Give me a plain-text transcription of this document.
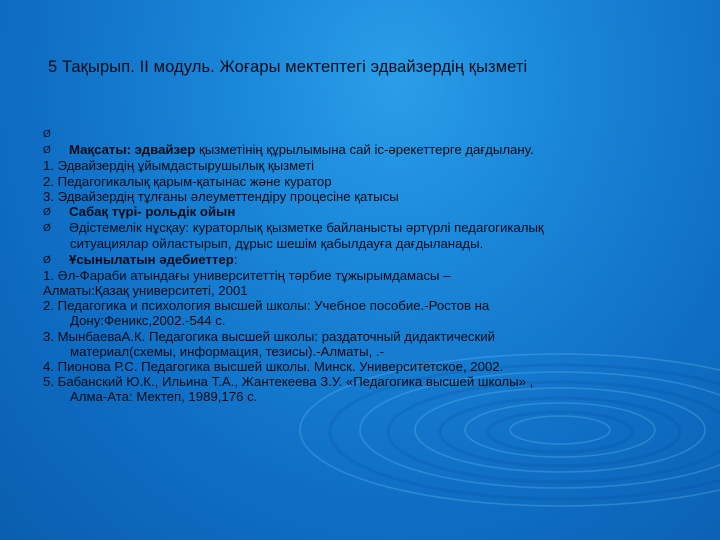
5 Тақырып. ІІ модуль. Жоғары мектептегі эдвайзердің қызметі
Ø
Ø Мақсаты: эдвайзер қызметінің құрылымына сай іс-әрекеттерге дағдылану.
1. Эдвайзердің ұйымдастырушылық қызметі
2. Педагогикалық қарым-қатынас және куратор
3. Эдвайзердің тұлғаны әлеуметтендіру процесіне қатысы
Ø Сабақ түрі- рольдік ойын
Ø Әдістемелік нұсқау: кураторлық қызметке байланысты әртүрлі педагогикалық
ситуациялар ойластырып, дұрыс шешім қабылдауға дағдыланады.
Ø Ұсынылатын әдебиеттер:
1. Әл-Фараби атындағы университеттің тәрбие тұжырымдамасы –
Алматы:Қазақ университеті, 2001
2. Педагогика и психология высшей школы: Учебное пособие.-Ростов на
Дону:Феникс,2002.-544 с.
3. МынбаеваА.К. Педагогика высшей школы: раздаточный дидактический
материал(схемы, информация, тезисы).-Алматы, .-
4. Пионова Р.С. Педагогика высшей школы. Минск. Университетское, 2002.
5. Бабанский Ю.К., Ильина Т.А., Жантекеева З.У. «Педагогика высшей школы» ,
Алма-Ата: Мектеп, 1989,176 с.
